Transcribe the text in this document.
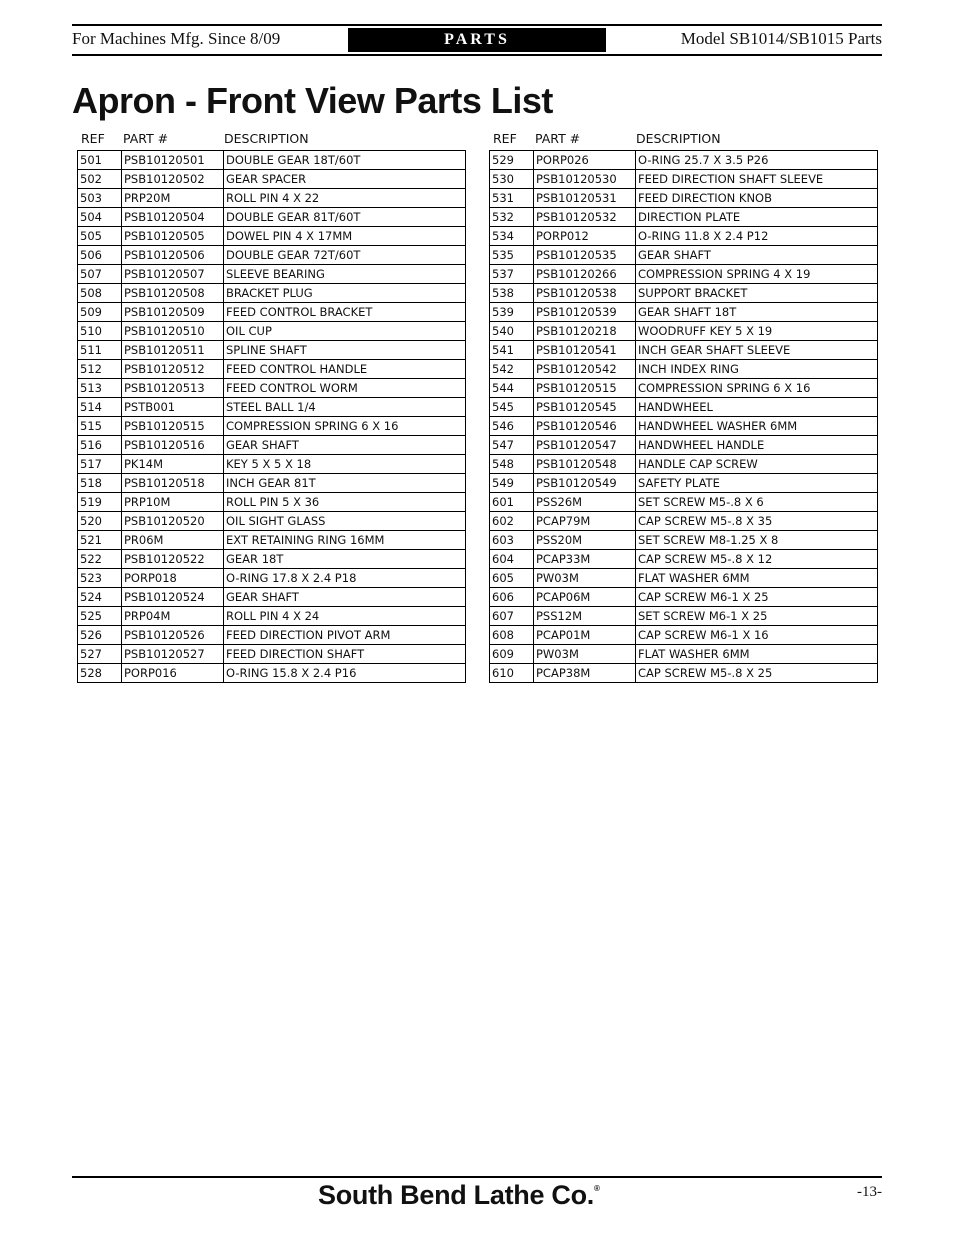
For Machines Mfg. Since 8/09	PARTS	Model SB1014/SB1015 Parts
Apron - Front View Parts List
REF PART #	DESCRIPTION
501	PSB10120501	DOUBLE GEAR 18T/60T
502	PSB10120502	GEAR SPACER
503	PRP20M	ROLL PIN 4 X 22
504	PSB10120504	DOUBLE GEAR 81T/60T
505	PSB10120505	DOWEL PIN 4 X 17MM
506	PSB10120506	DOUBLE GEAR 72T/60T
507	PSB10120507	SLEEVE BEARING
508	PSB10120508	BRACKET PLUG
509	PSB10120509	FEED CONTROL BRACKET
510	PSB10120510	OIL CUP
511	PSB10120511	SPLINE SHAFT
512	PSB10120512	FEED CONTROL HANDLE
513	PSB10120513	FEED CONTROL WORM
514	PSTB001	STEEL BALL 1/4
515	PSB10120515	COMPRESSION SPRING 6 X 16
516	PSB10120516	GEAR SHAFT
517	PK14M	KEY 5 X 5 X 18
518	PSB10120518	INCH GEAR 81T
519	PRP10M	ROLL PIN 5 X 36
520	PSB10120520	OIL SIGHT GLASS
521	PR06M	EXT RETAINING RING 16MM
522	PSB10120522	GEAR 18T
523	PORP018	O-RING 17.8 X 2.4 P18
524	PSB10120524	GEAR SHAFT
525	PRP04M	ROLL PIN 4 X 24
526	PSB10120526	FEED DIRECTION PIVOT ARM
527	PSB10120527	FEED DIRECTION SHAFT
528	PORP016	O-RING 15.8 X 2.4 P16
REF PART #	DESCRIPTION
529	PORP026	O-RING 25.7 X 3.5 P26
530	PSB10120530	FEED DIRECTION SHAFT SLEEVE
531	PSB10120531	FEED DIRECTION KNOB
532	PSB10120532	DIRECTION PLATE
534	PORP012	O-RING 11.8 X 2.4 P12
535	PSB10120535	GEAR SHAFT
537	PSB10120266	COMPRESSION SPRING 4 X 19
538	PSB10120538	SUPPORT BRACKET
539	PSB10120539	GEAR SHAFT 18T
540	PSB10120218	WOODRUFF KEY 5 X 19
541	PSB10120541	INCH GEAR SHAFT SLEEVE
542	PSB10120542	INCH INDEX RING
544	PSB10120515	COMPRESSION SPRING 6 X 16
545	PSB10120545	HANDWHEEL
546	PSB10120546	HANDWHEEL WASHER 6MM
547	PSB10120547	HANDWHEEL HANDLE
548	PSB10120548	HANDLE CAP SCREW
549	PSB10120549	SAFETY PLATE
601	PSS26M	SET SCREW M5-.8 X 6
602	PCAP79M	CAP SCREW M5-.8 X 35
603	PSS20M	SET SCREW M8-1.25 X 8
604	PCAP33M	CAP SCREW M5-.8 X 12
605	PW03M	FLAT WASHER 6MM
606	PCAP06M	CAP SCREW M6-1 X 25
607	PSS12M	SET SCREW M6-1 X 25
608	PCAP01M	CAP SCREW M6-1 X 16
609	PW03M	FLAT WASHER 6MM
610	PCAP38M	CAP SCREW M5-.8 X 25
South Bend Lathe Co.®	-13-
